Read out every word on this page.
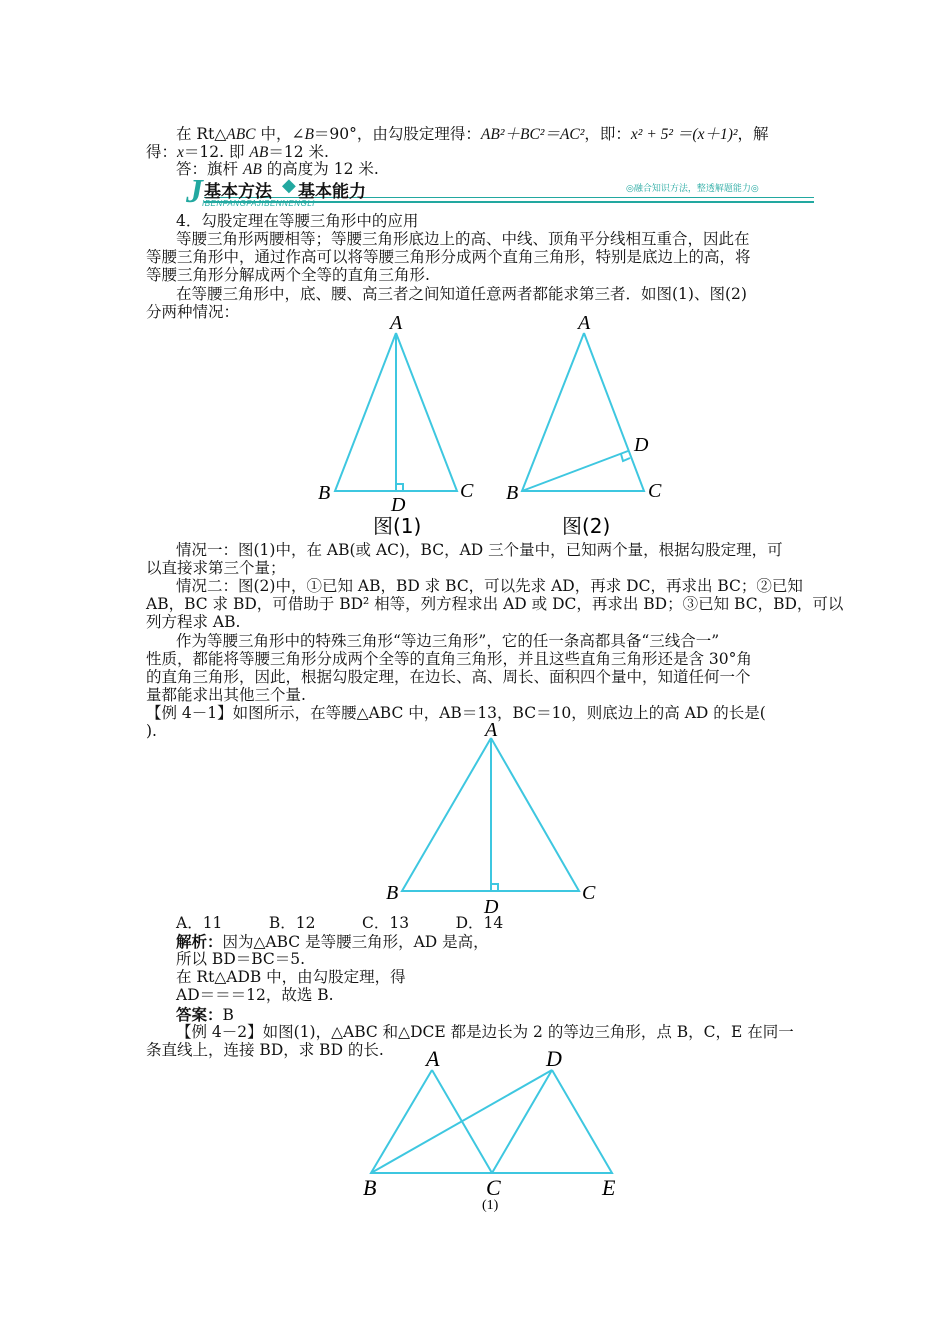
在 Rt△ABC 中，∠B＝90°，由勾股定理得：AB²＋BC²＝AC²，即：x² + 5² ＝(x＋1)²，解
得：x＝12. 即 AB＝12 米.
答：旗杆 AB 的高度为 12 米.
J 基本方法 ◆ 基本能力
IBENFANGFAJIBENNENGLI
◎融合知识方法，整透解题能力◎
4．勾股定理在等腰三角形中的应用
等腰三角形两腰相等；等腰三角形底边上的高、中线、顶角平分线相互重合，因此在
等腰三角形中，通过作高可以将等腰三角形分成两个直角三角形，特别是底边上的高，将
等腰三角形分解成两个全等的直角三角形.
在等腰三角形中，底、腰、高三者之间知道任意两者都能求第三者．如图(1)、图(2)
分两种情况：	A
B	C
D
图(1)
A
B	C
D
图(2)
情况一：图(1)中，在 AB(或 AC)，BC，AD 三个量中，已知两个量，根据勾股定理，可
以直接求第三个量；
情况二：图(2)中，①已知 AB，BD 求 BC，可以先求 AD，再求 DC，再求出 BC；②已知
AB，BC 求 BD，可借助于 BD² 相等，列方程求出 AD 或 DC，再求出 BD；③已知 BC，BD，可以
列方程求 AB.
作为等腰三角形中的特殊三角形“等边三角形”，它的任一条高都具备“三线合一”
性质，都能将等腰三角形分成两个全等的直角三角形，并且这些直角三角形还是含 30°角
的直角三角形，因此，根据勾股定理，在边长、高、周长、面积四个量中，知道任何一个
量都能求出其他三个量.
【例 4－1】如图所示，在等腰△ABC 中，AB＝13，BC＝10，则底边上的高 AD 的长是(
).	A
B	C
D
A．11　　　B．12　　　C．13　　　D．14
解析：因为△ABC 是等腰三角形，AD 是高，
所以 BD＝BC＝5.
在 Rt△ADB 中，由勾股定理，得
AD＝＝＝12，故选 B.
答案：B
【例 4－2】如图(1)，△ABC 和△DCE 都是边长为 2 的等边三角形，点 B，C，E 在同一
条直线上，连接 BD，求 BD 的长.	A	D
B	C	E
(1)
